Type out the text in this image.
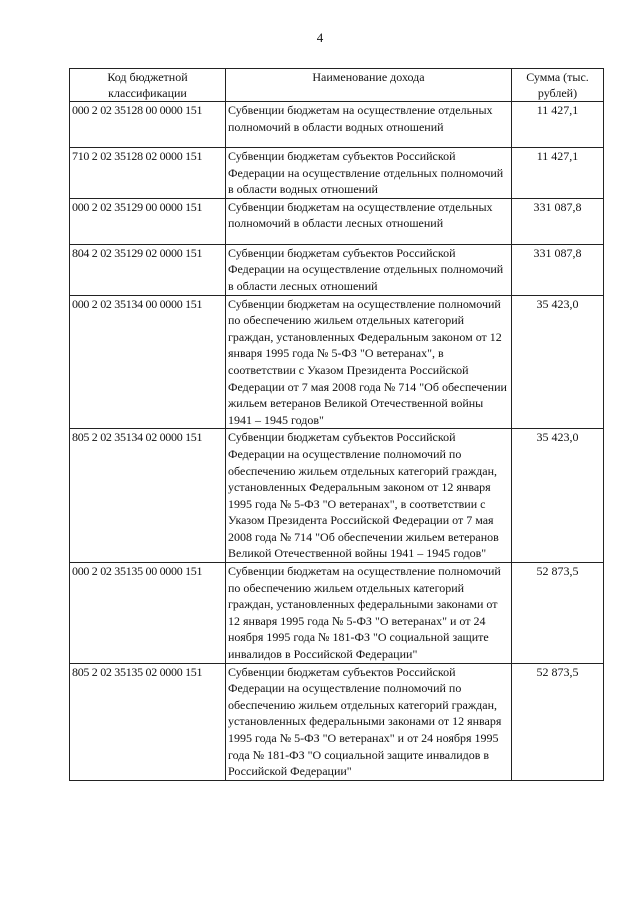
4
Код бюджетной классификации	Наименование дохода	Сумма (тыс. рублей)
000 2 02 35128 00 0000 151	Субвенции бюджетам на осуществление отдельных полномочий в области водных отношений	11 427,1
710 2 02 35128 02 0000 151	Субвенции бюджетам субъектов Российской Федерации на осуществление отдельных полномочий в области водных отношений	11 427,1
000 2 02 35129 00 0000 151	Субвенции бюджетам на осуществление отдельных полномочий в области лесных отношений	331 087,8
804 2 02 35129 02 0000 151	Субвенции бюджетам субъектов Российской Федерации на осуществление отдельных полномочий в области лесных отношений	331 087,8
000 2 02 35134 00 0000 151	Субвенции бюджетам на осуществление полномочий по обеспечению жильем отдельных категорий граждан, установленных Федеральным законом от 12 января 1995 года № 5-ФЗ "О ветеранах", в соответствии с Указом Президента Российской Федерации от 7 мая 2008 года № 714 "Об обеспечении жильем ветеранов Великой Отечественной войны 1941 – 1945 годов"	35 423,0
805 2 02 35134 02 0000 151	Субвенции бюджетам субъектов Российской Федерации на осуществление полномочий по обеспечению жильем отдельных категорий граждан, установленных Федеральным законом от 12 января 1995 года № 5-ФЗ "О ветеранах", в соответствии с Указом Президента Российской Федерации от 7 мая 2008 года № 714 "Об обеспечении жильем ветеранов Великой Отечественной войны 1941 – 1945 годов"	35 423,0
000 2 02 35135 00 0000 151	Субвенции бюджетам на осуществление полномочий по обеспечению жильем отдельных категорий граждан, установленных федеральными законами от 12 января 1995 года № 5-ФЗ "О ветеранах" и от 24 ноября 1995 года № 181-ФЗ "О социальной защите инвалидов в Российской Федерации"	52 873,5
805 2 02 35135 02 0000 151	Субвенции бюджетам субъектов Российской Федерации на осуществление полномочий по обеспечению жильем отдельных категорий граждан, установленных федеральными законами от 12 января 1995 года № 5-ФЗ "О ветеранах" и от 24 ноября 1995 года № 181-ФЗ "О социальной защите инвалидов в Российской Федерации"	52 873,5
